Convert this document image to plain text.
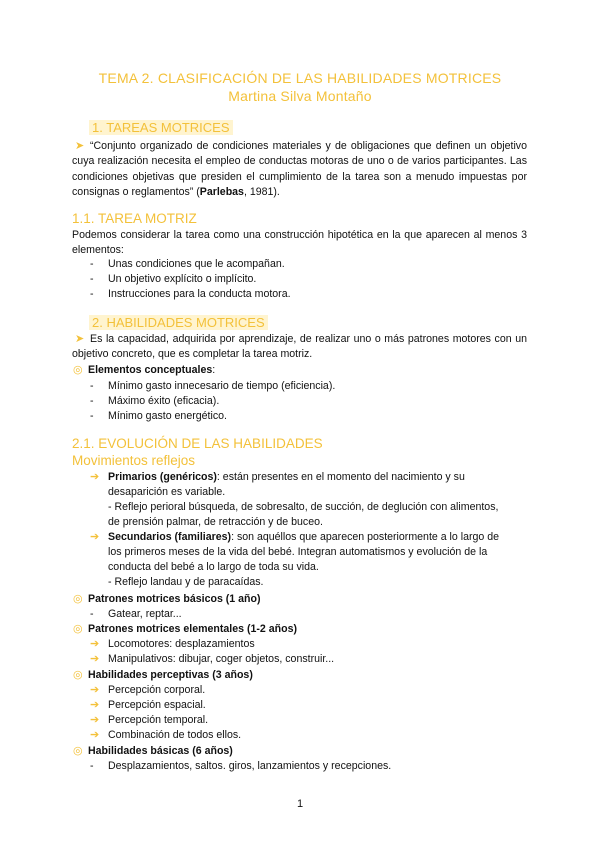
TEMA 2. CLASIFICACIÓN DE LAS HABILIDADES MOTRICES
Martina Silva Montaño
1. TAREAS MOTRICES
➤ “Conjunto organizado de condiciones materiales y de obligaciones que definen un objetivo cuya realización necesita el empleo de conductas motoras de uno o de varios participantes. Las condiciones objetivas que presiden el cumplimiento de la tarea son a menudo impuestas por consignas o reglamentos” (Parlebas, 1981).
1.1. TAREA MOTRIZ
Podemos considerar la tarea como una construcción hipotética en la que aparecen al menos 3 elementos:
- Unas condiciones que le acompañan.
- Un objetivo explícito o implícito.
- Instrucciones para la conducta motora.
2. HABILIDADES MOTRICES
➤ Es la capacidad, adquirida por aprendizaje, de realizar uno o más patrones motores con un objetivo concreto, que es completar la tarea motriz.
◎ Elementos conceptuales:
- Mínimo gasto innecesario de tiempo (eficiencia).
- Máximo éxito (eficacia).
- Mínimo gasto energético.
2.1. EVOLUCIÓN DE LAS HABILIDADES
Movimientos reflejos
➔ Primarios (genéricos): están presentes en el momento del nacimiento y su
desaparición es variable.
- Reflejo perioral búsqueda, de sobresalto, de succión, de deglución con alimentos,
de prensión palmar, de retracción y de buceo.
➔ Secundarios (familiares): son aquéllos que aparecen posteriormente a lo largo de
los primeros meses de la vida del bebé. Integran automatismos y evolución de la
conducta del bebé a lo largo de toda su vida.
- Reflejo landau y de paracaídas.
◎ Patrones motrices básicos (1 año)
- Gatear, reptar...
◎ Patrones motrices elementales (1-2 años)
➔ Locomotores: desplazamientos
➔ Manipulativos: dibujar, coger objetos, construir...
◎ Habilidades perceptivas (3 años)
➔ Percepción corporal.
➔ Percepción espacial.
➔ Percepción temporal.
➔ Combinación de todos ellos.
◎ Habilidades básicas (6 años)
- Desplazamientos, saltos. giros, lanzamientos y recepciones.
1
